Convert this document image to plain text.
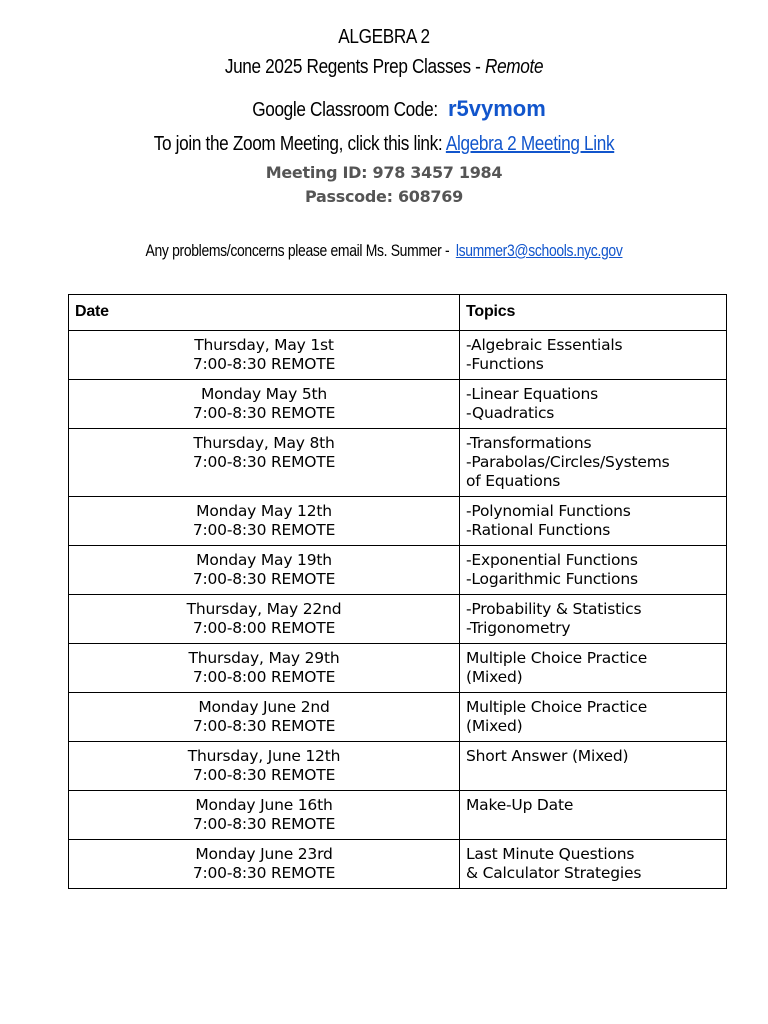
ALGEBRA 2
June 2025 Regents Prep Classes - Remote
Google Classroom Code: r5vymom
To join the Zoom Meeting, click this link: Algebra 2 Meeting Link
Meeting ID: 978 3457 1984
Passcode: 608769
Any problems/concerns please email Ms. Summer - lsummer3@schools.nyc.gov
Date	Topics

Thursday, May 1st
7:00-8:30 REMOTE	-Algebraic Essentials
-Functions

Monday May 5th
7:00-8:30 REMOTE	-Linear Equations
-Quadratics

Thursday, May 8th
7:00-8:30 REMOTE	-Transformations
-Parabolas/Circles/Systems
of Equations

Monday May 12th
7:00-8:30 REMOTE	-Polynomial Functions
-Rational Functions

Monday May 19th
7:00-8:30 REMOTE	-Exponential Functions
-Logarithmic Functions

Thursday, May 22nd
7:00-8:00 REMOTE	-Probability & Statistics
-Trigonometry

Thursday, May 29th
7:00-8:00 REMOTE	Multiple Choice Practice
(Mixed)

Monday June 2nd
7:00-8:30 REMOTE	Multiple Choice Practice
(Mixed)

Thursday, June 12th
7:00-8:30 REMOTE	Short Answer (Mixed)

Monday June 16th
7:00-8:30 REMOTE	Make-Up Date

Monday June 23rd
7:00-8:30 REMOTE	Last Minute Questions
& Calculator Strategies
